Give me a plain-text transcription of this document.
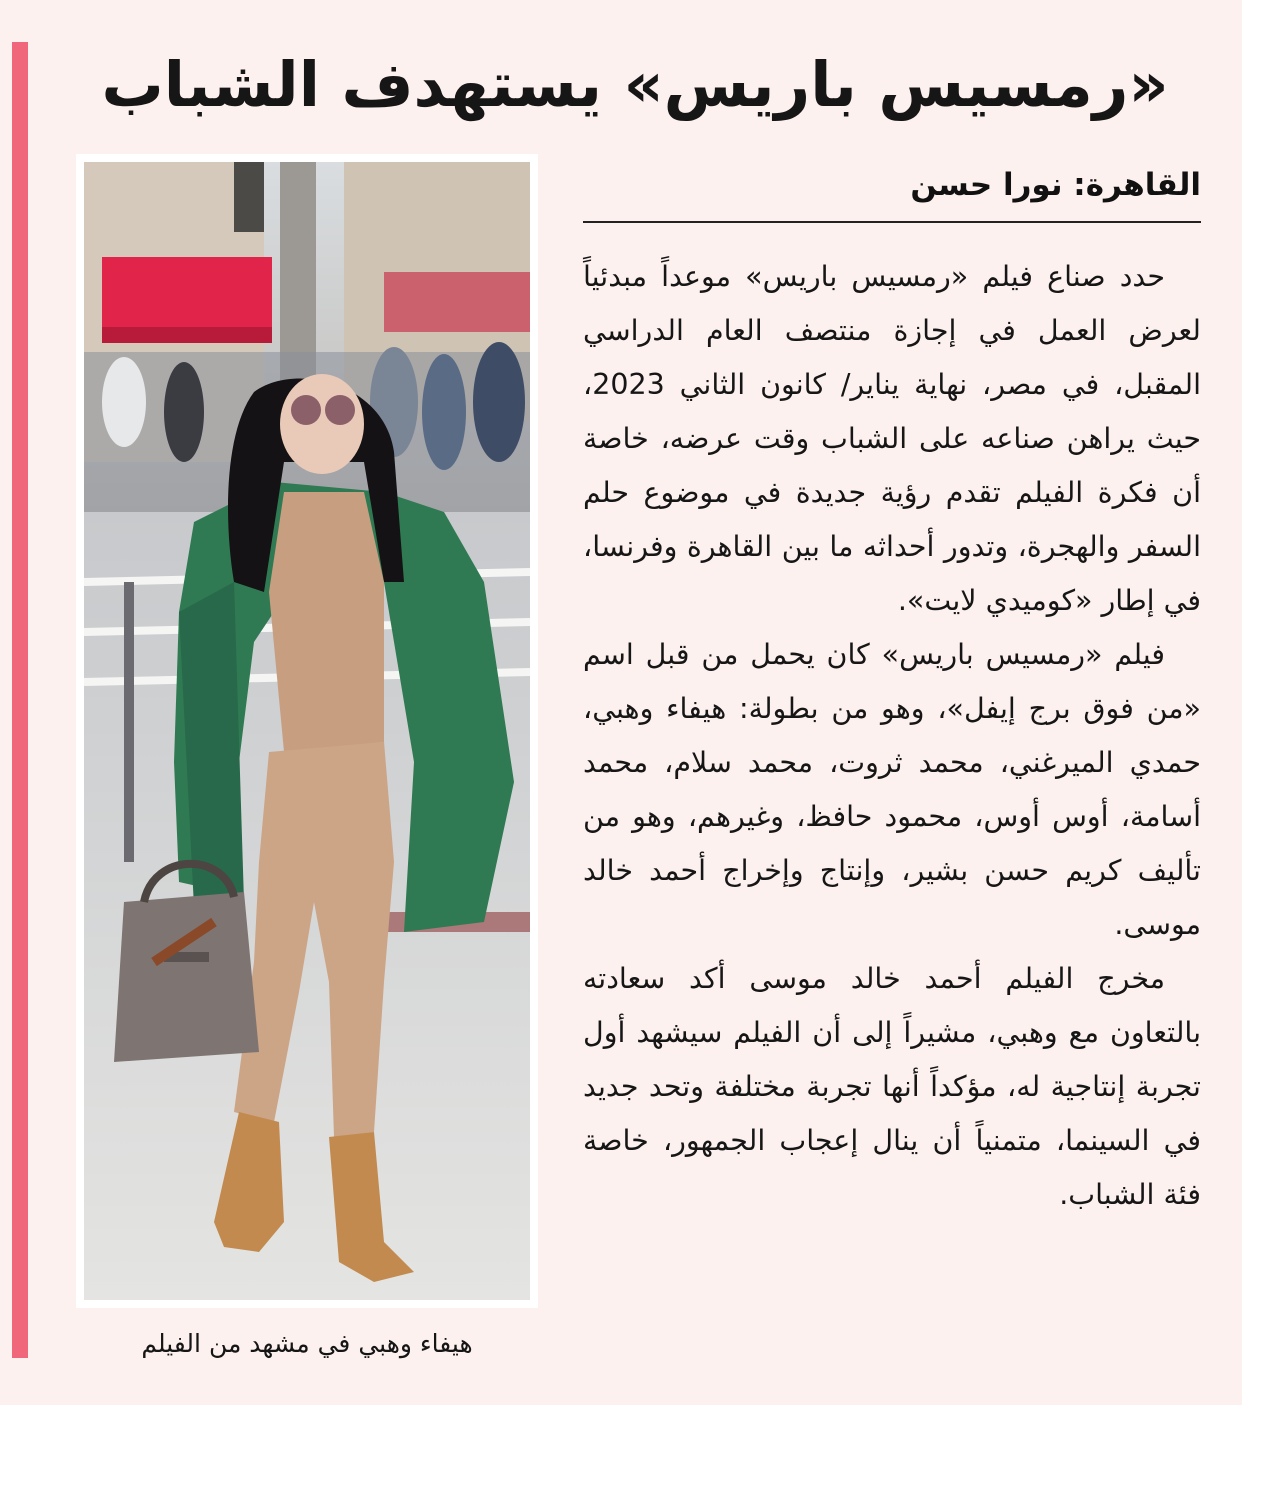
«رمسيس باريس» يستهدف الشباب
هيفاء وهبي في مشهد من الفيلم
القاهرة: نورا حسن

حدد صناع فيلم «رمسيس باريس» موعداً مبدئياً لعرض العمل في إجازة منتصف العام الدراسي المقبل، في مصر، نهاية يناير/ كانون الثاني 2023، حيث يراهن صناعه على الشباب وقت عرضه، خاصة أن فكرة الفيلم تقدم رؤية جديدة في موضوع حلم السفر والهجرة، وتدور أحداثه ما بين القاهرة وفرنسا، في إطار «كوميدي لايت».

فيلم «رمسيس باريس» كان يحمل من قبل اسم «من فوق برج إيفل»، وهو من بطولة: هيفاء وهبي، حمدي الميرغني، محمد ثروت، محمد سلام، محمد أسامة، أوس أوس، محمود حافظ، وغيرهم، وهو من تأليف كريم حسن بشير، وإنتاج وإخراج أحمد خالد موسى.

مخرج الفيلم أحمد خالد موسى أكد سعادته بالتعاون مع وهبي، مشيراً إلى أن الفيلم سيشهد أول تجربة إنتاجية له، مؤكداً أنها تجربة مختلفة وتحد جديد في السينما، متمنياً أن ينال إعجاب الجمهور، خاصة فئة الشباب.
